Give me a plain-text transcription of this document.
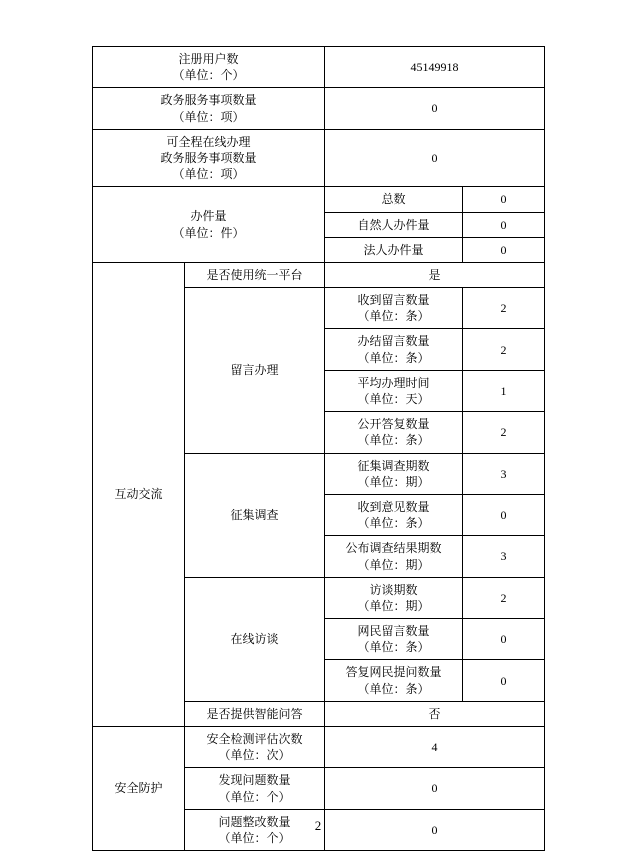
注册用户数
（单位：个）		45149918	

政务服务事项数量
（单位：项）		0	

可全程在线办理
政务服务事项数量
（单位：项）		0	

办件量
（单位：件）		总数	0
		自然人办件量	0
		法人办件量	0
互动交流	是否使用统一平台	是	
	留言办理	收到留言数量
（单位：条）	2

		办结留言数量
（单位：条）	2

		平均办理时间
（单位：天）	1

		公开答复数量
（单位：条）	2
	征集调查	征集调查期数
（单位：期）	3

		收到意见数量
（单位：条）	0

		公布调查结果期数
（单位：期）	3
	在线访谈	访谈期数
（单位：期）	2

		网民留言数量
（单位：条）	0

		答复网民提问数量
（单位：条）	0
	是否提供智能问答	否	
安全防护	安全检测评估次数
（单位：次）	4	

	发现问题数量
（单位：个）	0	

	问题整改数量
（单位：个）	0	
2
